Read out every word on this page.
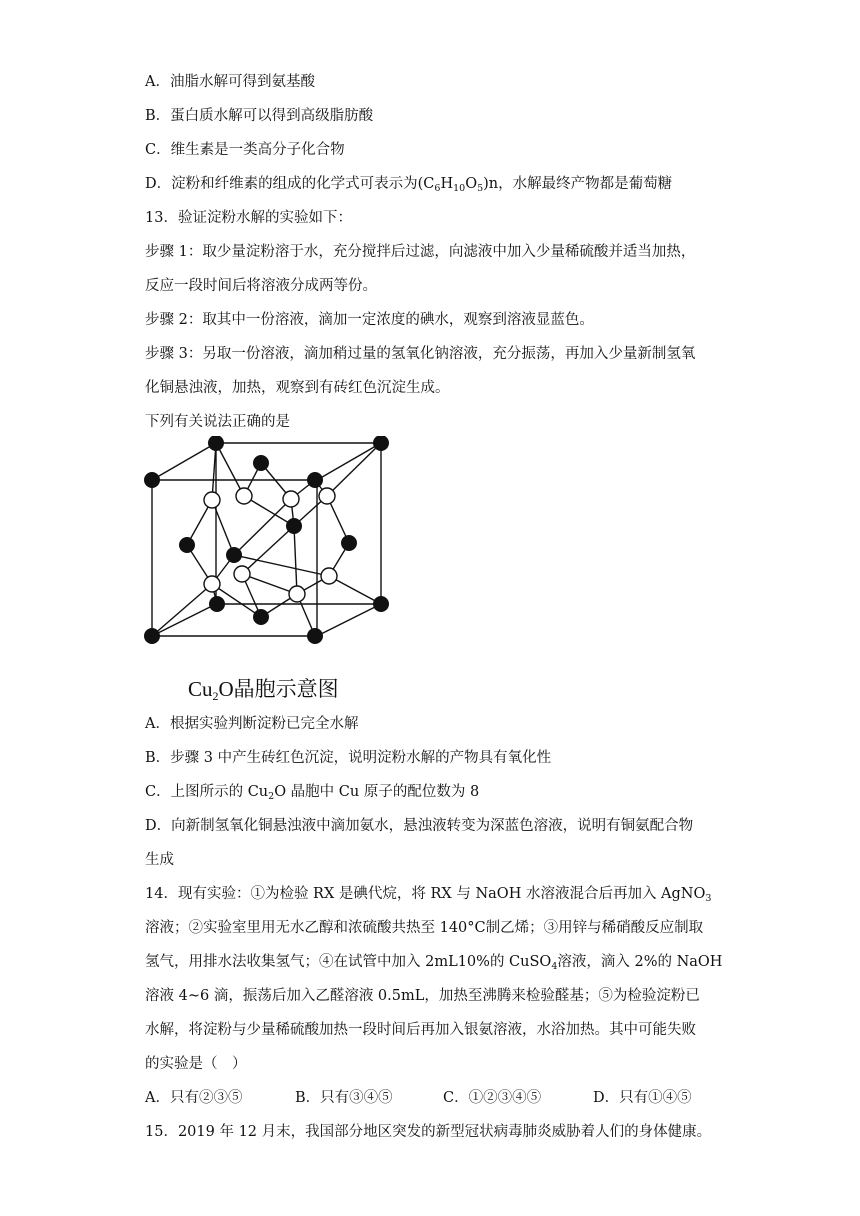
A．油脂水解可得到氨基酸
B．蛋白质水解可以得到高级脂肪酸
C．维生素是一类高分子化合物
D．淀粉和纤维素的组成的化学式可表示为$(C_6H_{10}O_5)n$，水解最终产物都是葡萄糖
13．验证淀粉水解的实验如下：
步骤 1：取少量淀粉溶于水，充分搅拌后过滤，向滤液中加入少量稀硫酸并适当加热，
反应一段时间后将溶液分成两等份。
步骤 2：取其中一份溶液，滴加一定浓度的碘水，观察到溶液显蓝色。
步骤 3：另取一份溶液，滴加稍过量的氢氧化钠溶液，充分振荡，再加入少量新制氢氧
化铜悬浊液，加热，观察到有砖红色沉淀生成。
下列有关说法正确的是
$Cu_2O$晶胞示意图
A．根据实验判断淀粉已完全水解
B．步骤 3 中产生砖红色沉淀，说明淀粉水解的产物具有氧化性
C．上图所示的 $Cu_2O$ 晶胞中 Cu 原子的配位数为 8
D．向新制氢氧化铜悬浊液中滴加氨水，悬浊液转变为深蓝色溶液，说明有铜氨配合物
生成
14．现有实验：①为检验 RX 是碘代烷，将 RX 与 NaOH 水溶液混合后再加入 AgNO$_3$
溶液；②实验室里用无水乙醇和浓硫酸共热至 140°C制乙烯；③用锌与稀硝酸反应制取
氢气，用排水法收集氢气；④在试管中加入 2mL10%的 CuSO$_4$溶液，滴入 2%的 NaOH
溶液 4~6 滴，振荡后加入乙醛溶液 0.5mL，加热至沸腾来检验醛基；⑤为检验淀粉已
水解，将淀粉与少量稀硫酸加热一段时间后再加入银氨溶液，水浴加热。其中可能失败
的实验是（　）
A．只有②③⑤	B．只有③④⑤	C．①②③④⑤	D．只有①④⑤
15．2019 年 12 月末，我国部分地区突发的新型冠状病毒肺炎威胁着人们的身体健康。
